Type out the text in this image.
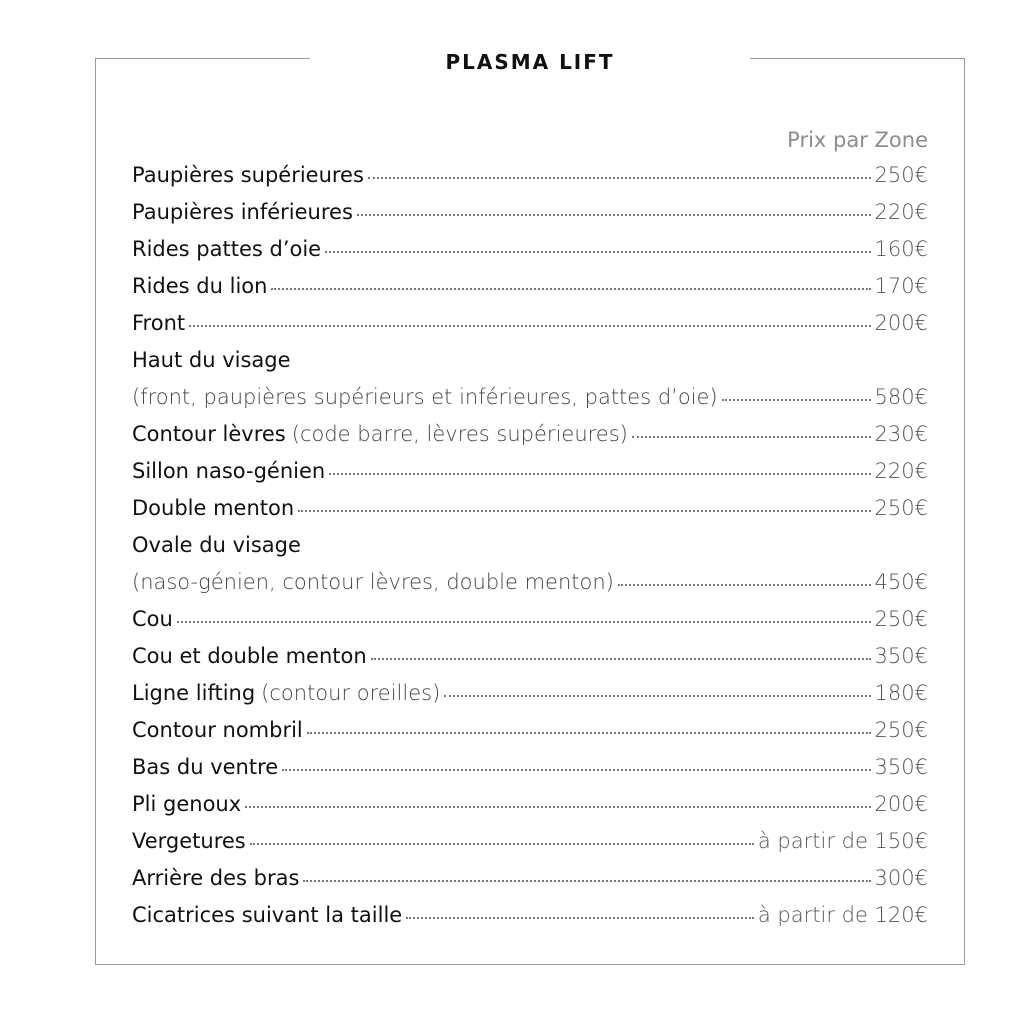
PLASMA LIFT
Prix par Zone
Paupières supérieures	250€
Paupières inférieures	220€
Rides pattes d’oie	160€
Rides du lion	170€
Front	200€
Haut du visage
(front, paupières supérieurs et inférieures, pattes d’oie)	580€
Contour lèvres (code barre, lèvres supérieures)	230€
Sillon naso-génien	220€
Double menton	250€
Ovale du visage
(naso-génien, contour lèvres, double menton)	450€
Cou	250€
Cou et double menton	350€
Ligne lifting (contour oreilles)	180€
Contour nombril	250€
Bas du ventre	350€
Pli genoux	200€
Vergetures	à partir de 150€
Arrière des bras	300€
Cicatrices suivant la taille	à partir de 120€
